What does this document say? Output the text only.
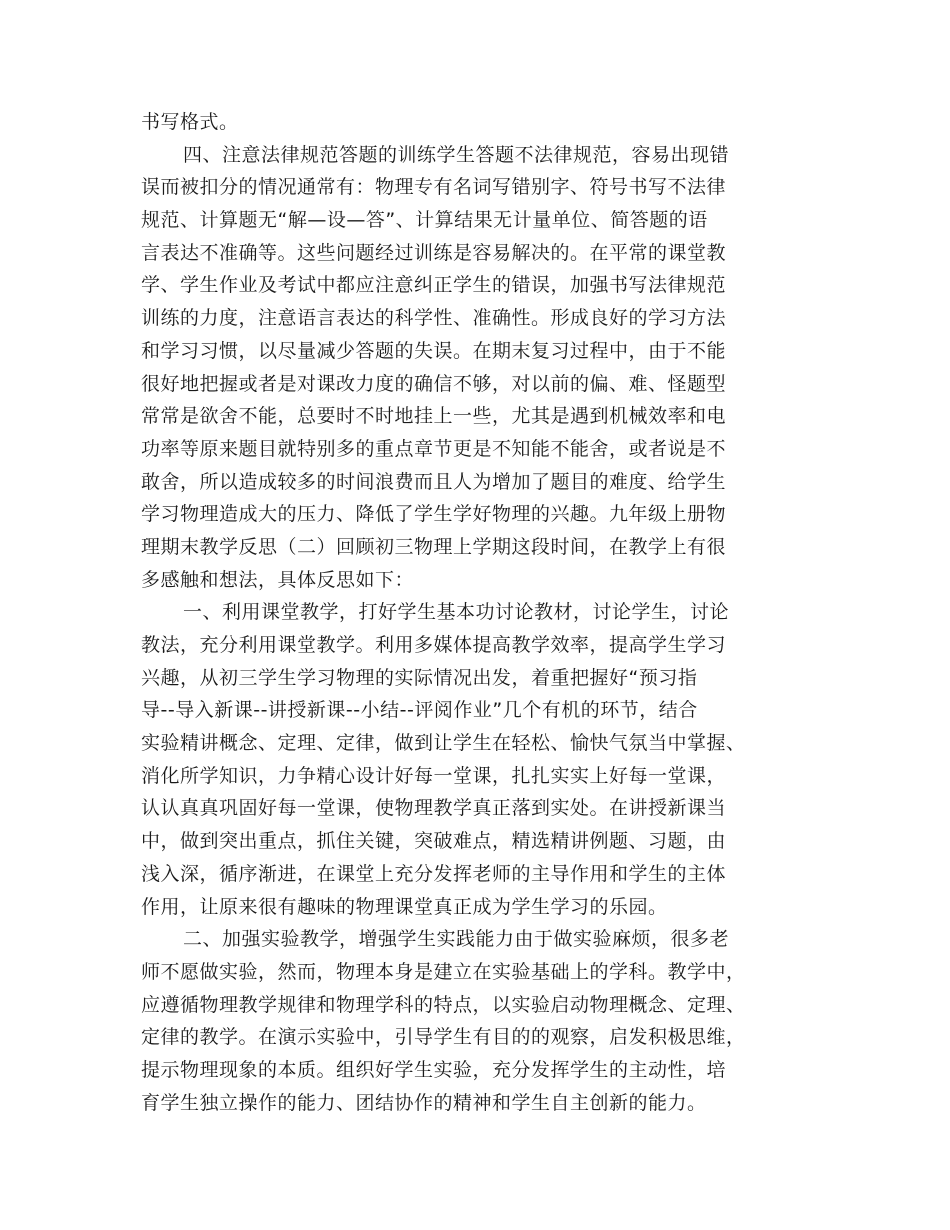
书写格式。
四、注意法律规范答题的训练学生答题不法律规范，容易出现错
误而被扣分的情况通常有：物理专有名词写错别字、符号书写不法律
规范、计算题无“解—设—答”、计算结果无计量单位、简答题的语
言表达不准确等。这些问题经过训练是容易解决的。在平常的课堂教
学、学生作业及考试中都应注意纠正学生的错误，加强书写法律规范
训练的力度，注意语言表达的科学性、准确性。形成良好的学习方法
和学习习惯，以尽量减少答题的失误。在期末复习过程中，由于不能
很好地把握或者是对课改力度的确信不够，对以前的偏、难、怪题型
常常是欲舍不能，总要时不时地挂上一些，尤其是遇到机械效率和电
功率等原来题目就特别多的重点章节更是不知能不能舍，或者说是不
敢舍，所以造成较多的时间浪费而且人为增加了题目的难度、给学生
学习物理造成大的压力、降低了学生学好物理的兴趣。九年级上册物
理期末教学反思（二）回顾初三物理上学期这段时间，在教学上有很
多感触和想法，具体反思如下：
一、利用课堂教学，打好学生基本功讨论教材，讨论学生，讨论
教法，充分利用课堂教学。利用多媒体提高教学效率，提高学生学习
兴趣，从初三学生学习物理的实际情况出发，着重把握好“预习指
导--导入新课--讲授新课--小结--评阅作业”几个有机的环节，结合
实验精讲概念、定理、定律，做到让学生在轻松、愉快气氛当中掌握、
消化所学知识，力争精心设计好每一堂课，扎扎实实上好每一堂课，
认认真真巩固好每一堂课，使物理教学真正落到实处。在讲授新课当
中，做到突出重点，抓住关键，突破难点，精选精讲例题、习题，由
浅入深，循序渐进，在课堂上充分发挥老师的主导作用和学生的主体
作用，让原来很有趣味的物理课堂真正成为学生学习的乐园。
二、加强实验教学，增强学生实践能力由于做实验麻烦，很多老
师不愿做实验，然而，物理本身是建立在实验基础上的学科。教学中，
应遵循物理教学规律和物理学科的特点，以实验启动物理概念、定理、
定律的教学。在演示实验中，引导学生有目的的观察，启发积极思维，
提示物理现象的本质。组织好学生实验，充分发挥学生的主动性，培
育学生独立操作的能力、团结协作的精神和学生自主创新的能力。
